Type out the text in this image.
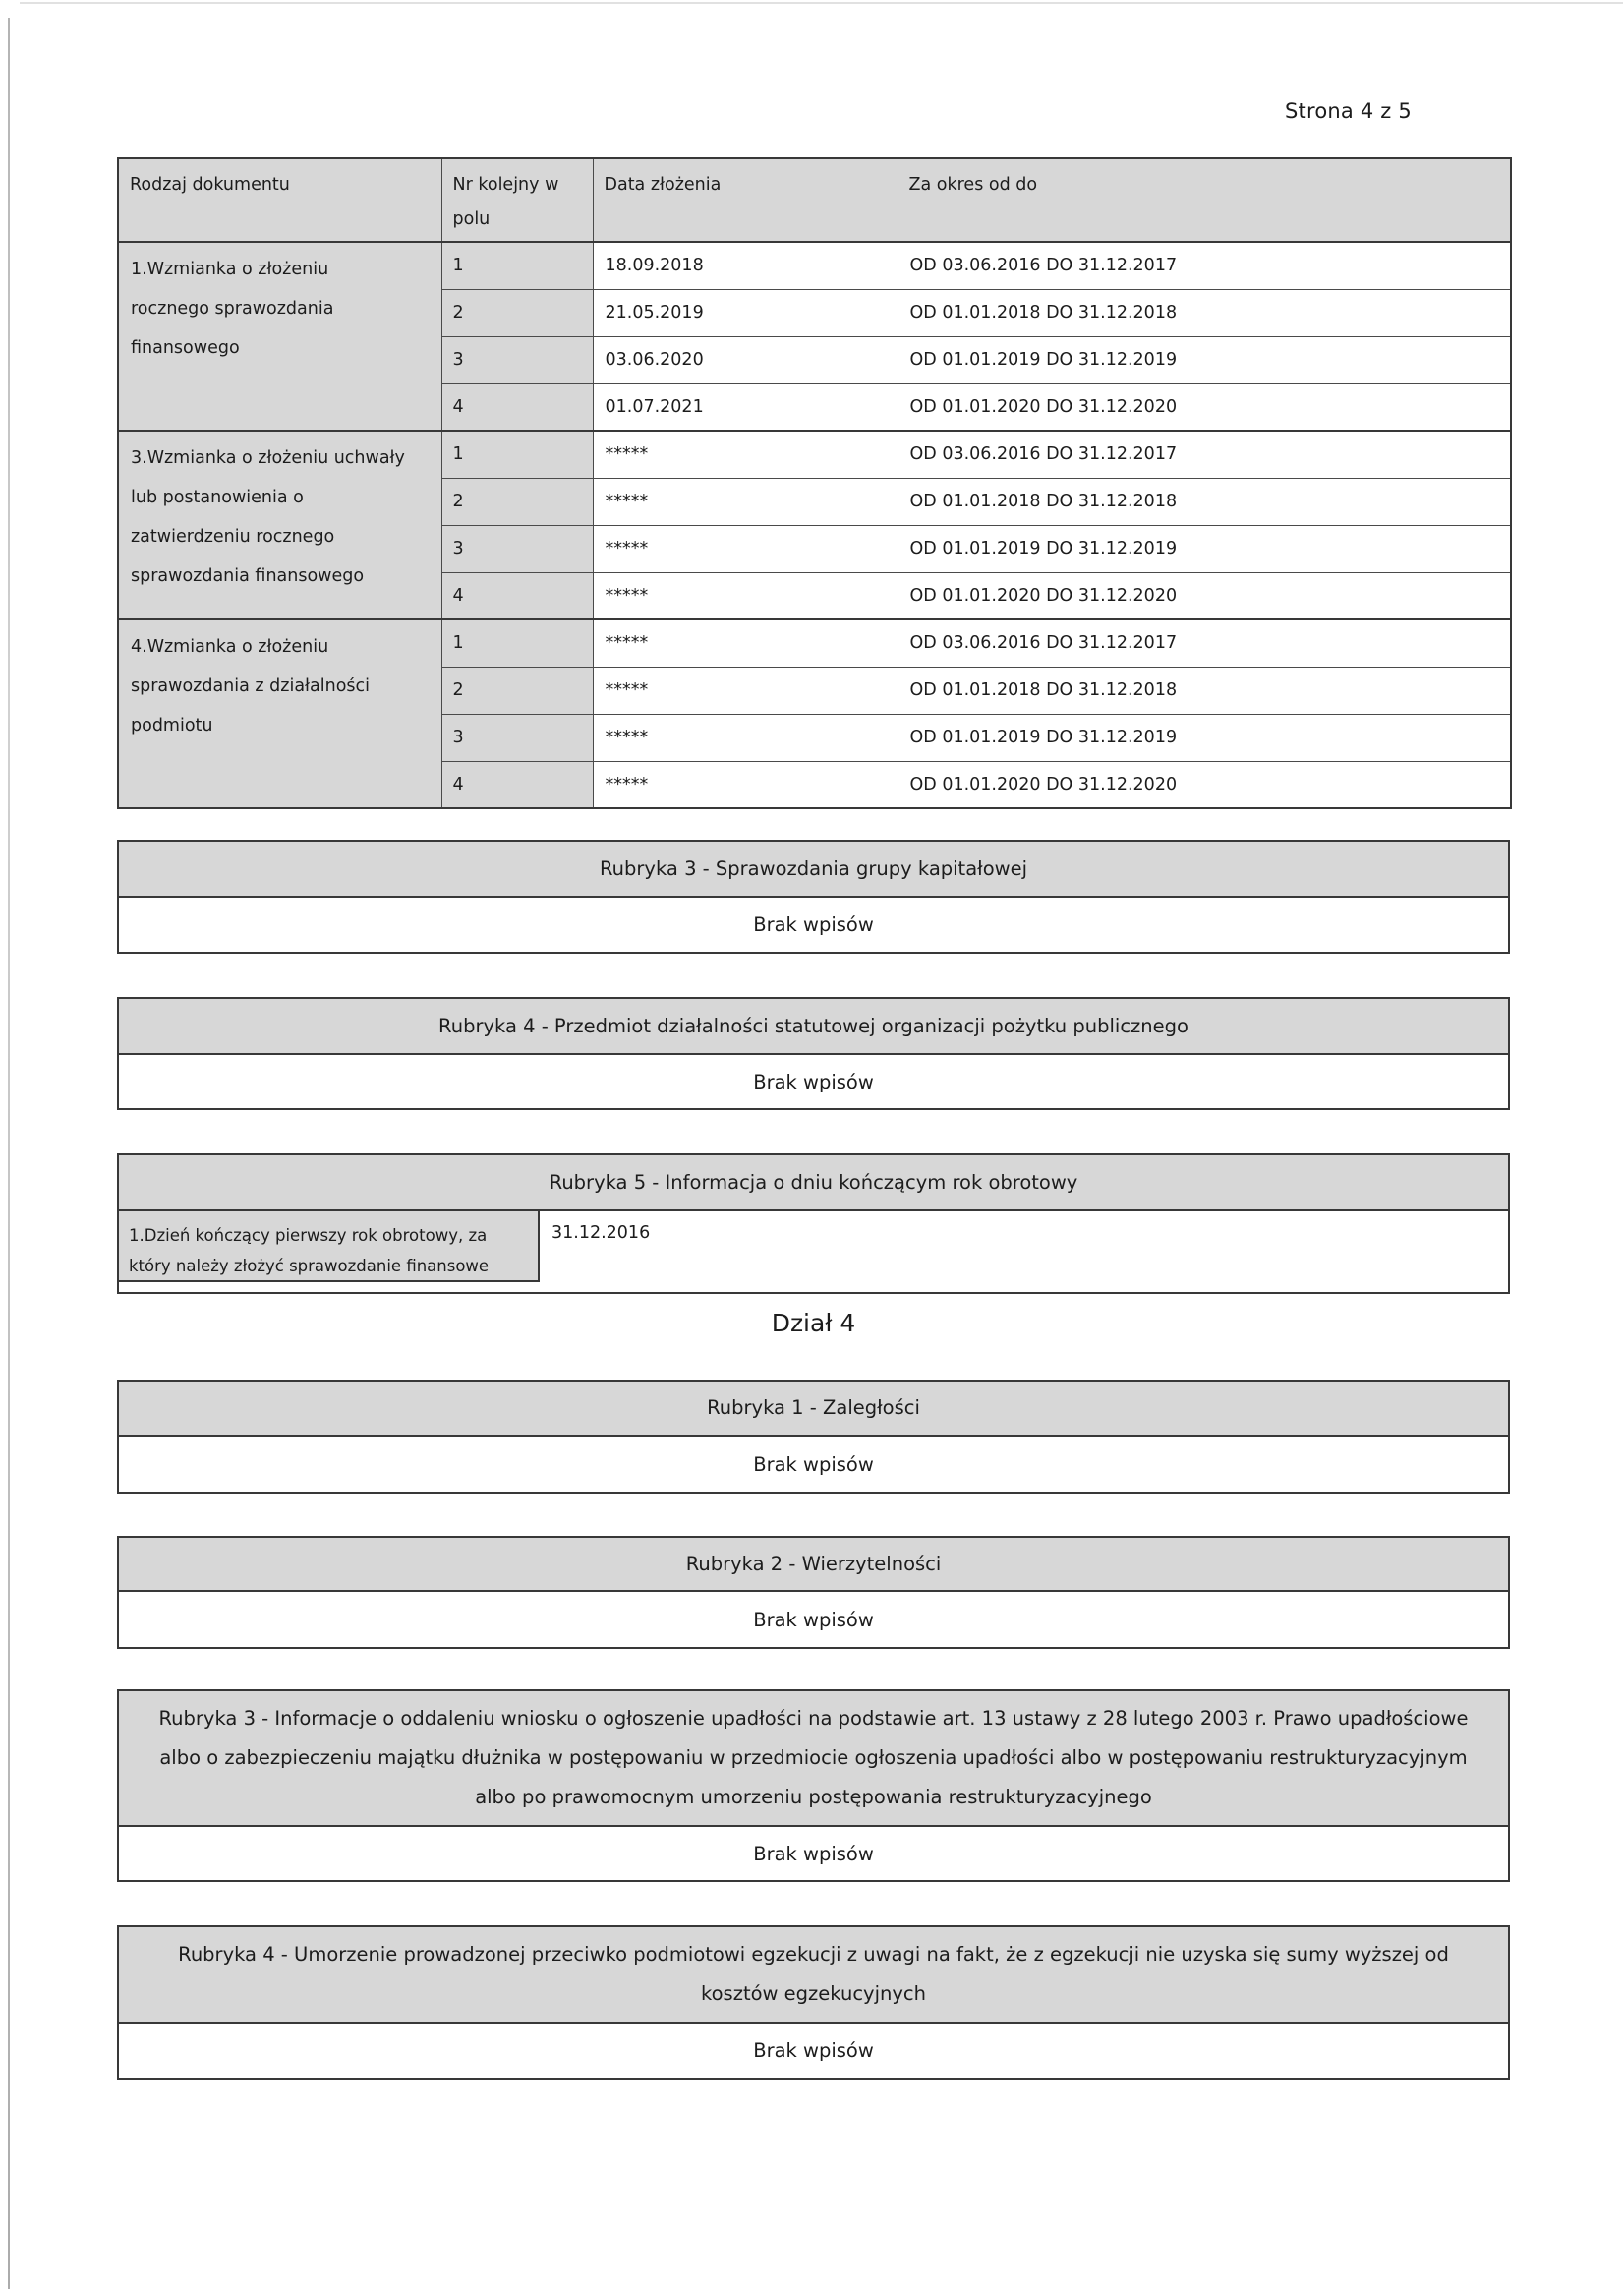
Strona 4 z 5
Rodzaj dokumentu	Nr kolejny w polu	Data złożenia	Za okres od do
1.Wzmianka o złożeniu rocznego sprawozdania finansowego	1	18.09.2018	OD 03.06.2016 DO 31.12.2017
	2	21.05.2019	OD 01.01.2018 DO 31.12.2018
	3	03.06.2020	OD 01.01.2019 DO 31.12.2019
	4	01.07.2021	OD 01.01.2020 DO 31.12.2020
3.Wzmianka o złożeniu uchwały lub postanowienia o zatwierdzeniu rocznego sprawozdania finansowego	1	*****	OD 03.06.2016 DO 31.12.2017
	2	*****	OD 01.01.2018 DO 31.12.2018
	3	*****	OD 01.01.2019 DO 31.12.2019
	4	*****	OD 01.01.2020 DO 31.12.2020
4.Wzmianka o złożeniu sprawozdania z działalności podmiotu	1	*****	OD 03.06.2016 DO 31.12.2017
	2	*****	OD 01.01.2018 DO 31.12.2018
	3	*****	OD 01.01.2019 DO 31.12.2019
	4	*****	OD 01.01.2020 DO 31.12.2020
Rubryka 3 - Sprawozdania grupy kapitałowej
Brak wpisów
Rubryka 4 - Przedmiot działalności statutowej organizacji pożytku publicznego
Brak wpisów
Rubryka 5 - Informacja o dniu kończącym rok obrotowy
1.Dzień kończący pierwszy rok obrotowy, za który należy złożyć sprawozdanie finansowe
31.12.2016
Dział 4
Rubryka 1 - Zaległości
Brak wpisów
Rubryka 2 - Wierzytelności
Brak wpisów
Rubryka 3 - Informacje o oddaleniu wniosku o ogłoszenie upadłości na podstawie art. 13 ustawy z 28 lutego 2003 r. Prawo upadłościowe albo o zabezpieczeniu majątku dłużnika w postępowaniu w przedmiocie ogłoszenia upadłości albo w postępowaniu restrukturyzacyjnym albo po prawomocnym umorzeniu postępowania restrukturyzacyjnego
Brak wpisów
Rubryka 4 - Umorzenie prowadzonej przeciwko podmiotowi egzekucji z uwagi na fakt, że z egzekucji nie uzyska się sumy wyższej od kosztów egzekucyjnych
Brak wpisów
